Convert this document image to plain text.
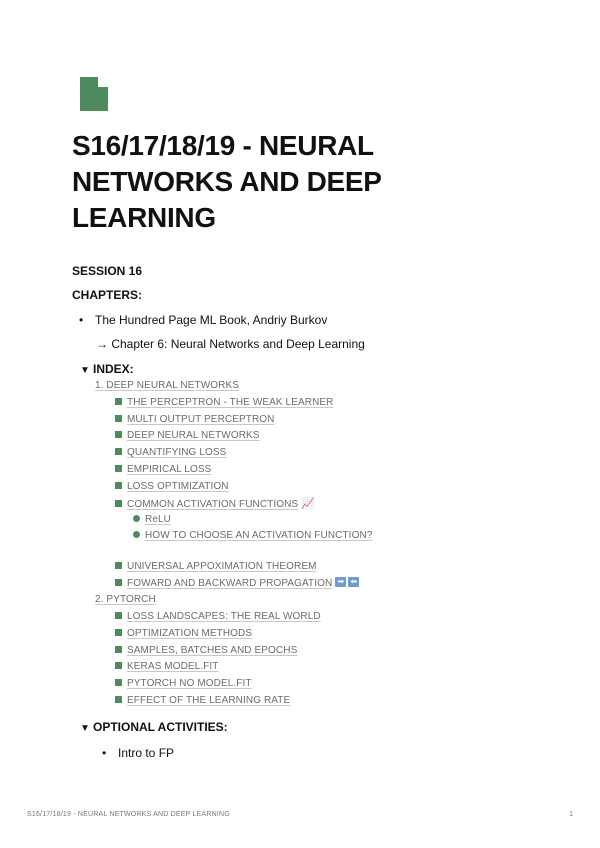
S16/17/18/19 - NEURAL NETWORKS AND DEEP LEARNING
SESSION 16
CHAPTERS:
• The Hundred Page ML Book, Andriy Burkov
→ Chapter 6: Neural Networks and Deep Learning
▼ INDEX:
1. DEEP NEURAL NETWORKS
THE PERCEPTRON - THE WEAK LEARNER
MULTI OUTPUT PERCEPTRON
DEEP NEURAL NETWORKS
QUANTIFYING LOSS
EMPIRICAL LOSS
LOSS OPTIMIZATION
COMMON ACTIVATION FUNCTIONS 📈
ReLU
HOW TO CHOOSE AN ACTIVATION FUNCTION?
UNIVERSAL APPOXIMATION THEOREM
FOWARD AND BACKWARD PROPAGATION ➡ ⬅
2. PYTORCH
LOSS LANDSCAPES: THE REAL WORLD
OPTIMIZATION METHODS
SAMPLES, BATCHES AND EPOCHS
KERAS MODEL.FIT
PYTORCH NO MODEL.FIT
EFFECT OF THE LEARNING RATE
▼ OPTIONAL ACTIVITIES:
• Intro to FP
S16/17/18/19 - NEURAL NETWORKS AND DEEP LEARNING	1
